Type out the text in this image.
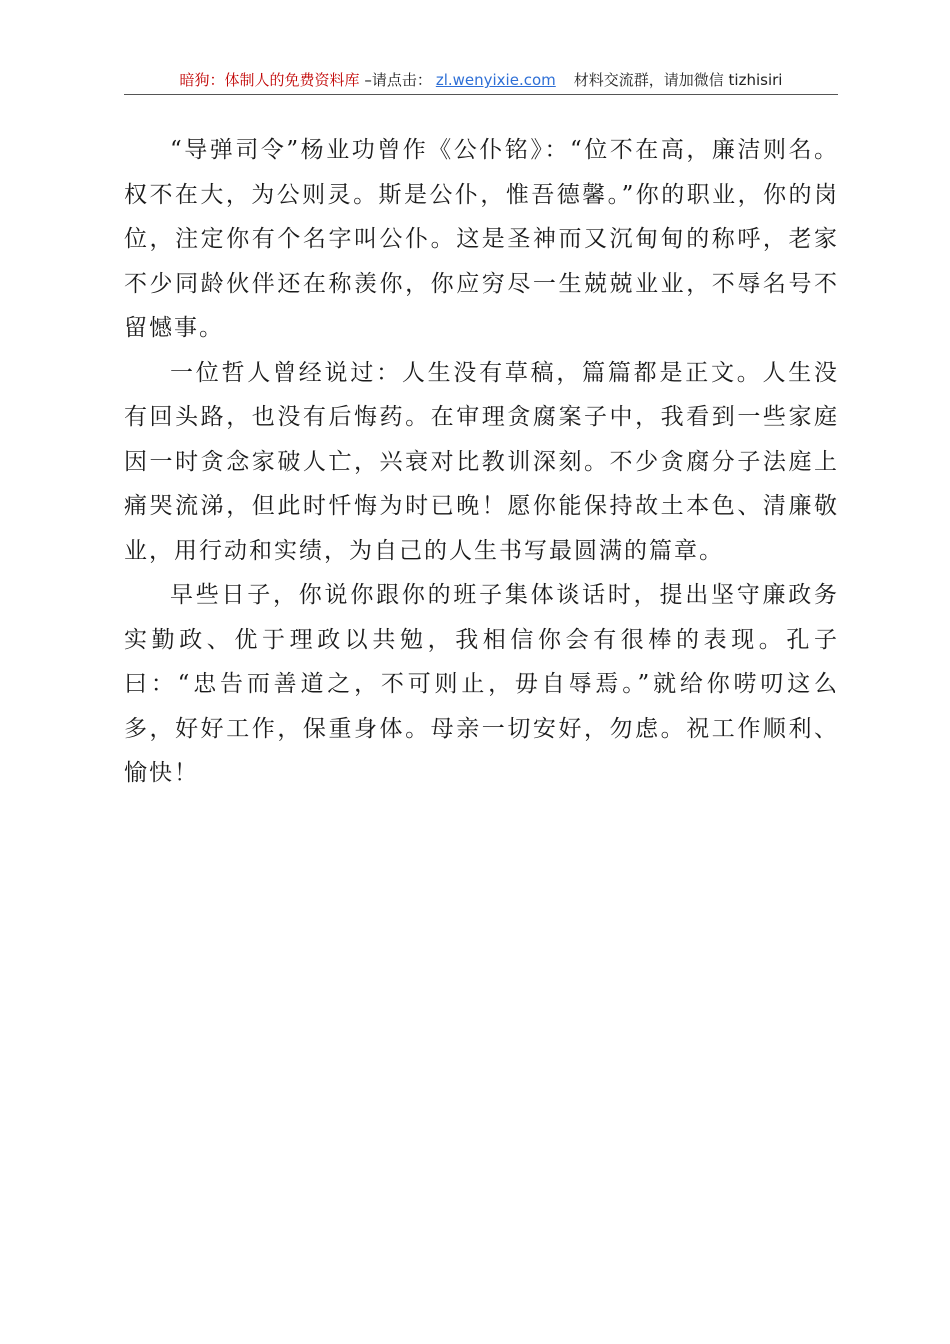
暗狗：体制人的免费资料库 –请点击： zl.wenyixie.com 材料交流群，请加微信 tizhisiri

“导弹司令”杨业功曾作《公仆铭》：“位不在高，廉洁则名。权不在大，为公则灵。斯是公仆，惟吾德馨。”你的职业，你的岗位，注定你有个名字叫公仆。这是圣神而又沉甸甸的称呼，老家不少同龄伙伴还在称羡你，你应穷尽一生兢兢业业，不辱名号不留憾事。

一位哲人曾经说过：人生没有草稿，篇篇都是正文。人生没有回头路，也没有后悔药。在审理贪腐案子中，我看到一些家庭因一时贪念家破人亡，兴衰对比教训深刻。不少贪腐分子法庭上痛哭流涕，但此时忏悔为时已晚！愿你能保持故土本色、清廉敬业，用行动和实绩，为自己的人生书写最圆满的篇章。

早些日子，你说你跟你的班子集体谈话时，提出坚守廉政务实勤政、优于理政以共勉，我相信你会有很棒的表现。孔子曰：“忠告而善道之，不可则止，毋自辱焉。”就给你唠叨这么多，好好工作，保重身体。母亲一切安好，勿虑。祝工作顺利、愉快！
